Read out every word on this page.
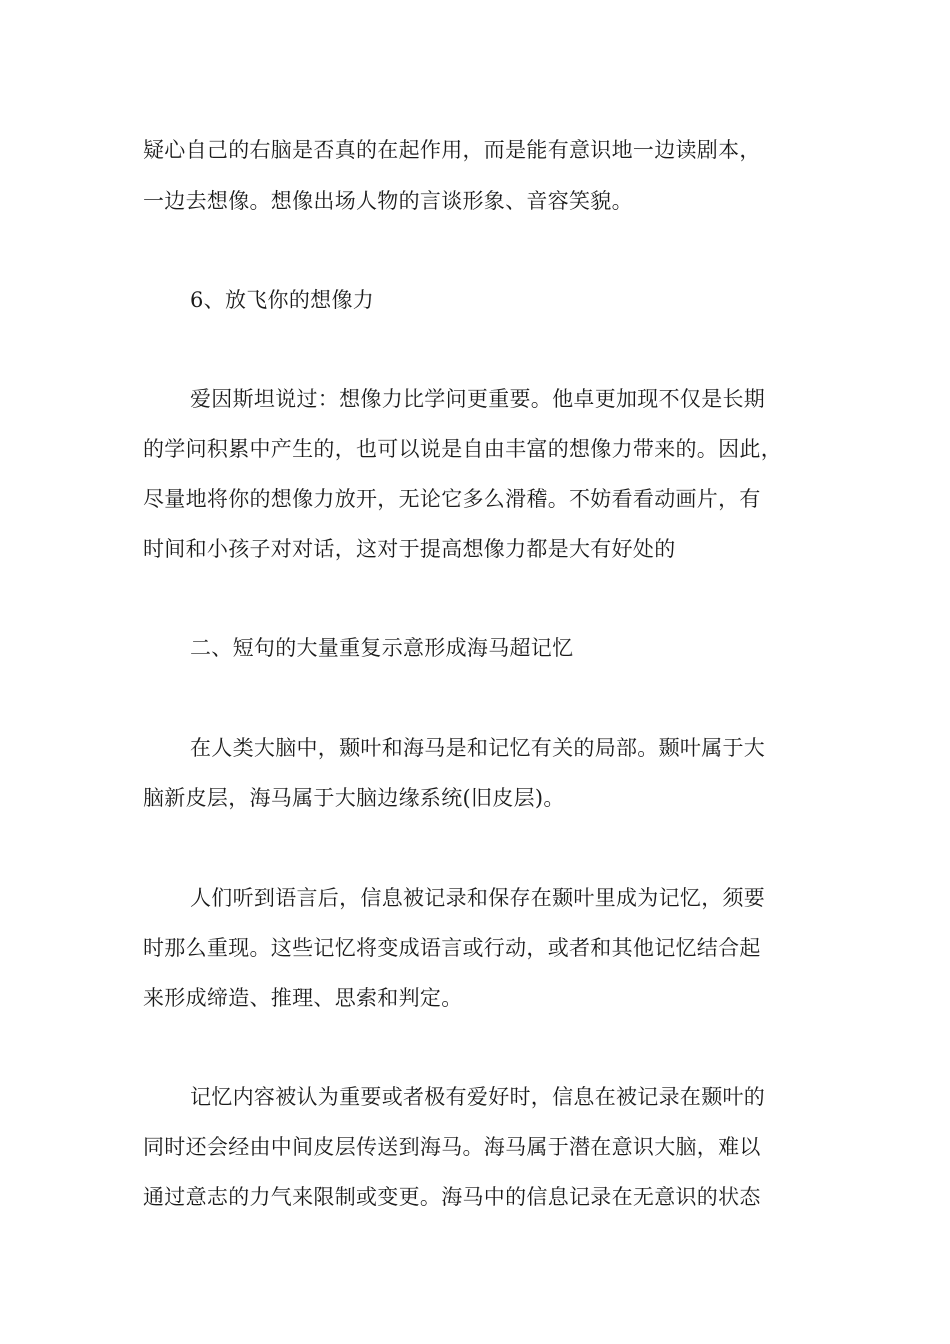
疑心自己的右脑是否真的在起作用，而是能有意识地一边读剧本，
一边去想像。想像出场人物的言谈形象、音容笑貌。
6、放飞你的想像力
爱因斯坦说过：想像力比学问更重要。他卓更加现不仅是长期
的学问积累中产生的，也可以说是自由丰富的想像力带来的。因此，
尽量地将你的想像力放开，无论它多么滑稽。不妨看看动画片，有
时间和小孩子对对话，这对于提高想像力都是大有好处的
二、短句的大量重复示意形成海马超记忆
在人类大脑中，颞叶和海马是和记忆有关的局部。颞叶属于大
脑新皮层，海马属于大脑边缘系统(旧皮层)。
人们听到语言后，信息被记录和保存在颞叶里成为记忆，须要
时那么重现。这些记忆将变成语言或行动，或者和其他记忆结合起
来形成缔造、推理、思索和判定。
记忆内容被认为重要或者极有爱好时，信息在被记录在颞叶的
同时还会经由中间皮层传送到海马。海马属于潜在意识大脑，难以
通过意志的力气来限制或变更。海马中的信息记录在无意识的状态
